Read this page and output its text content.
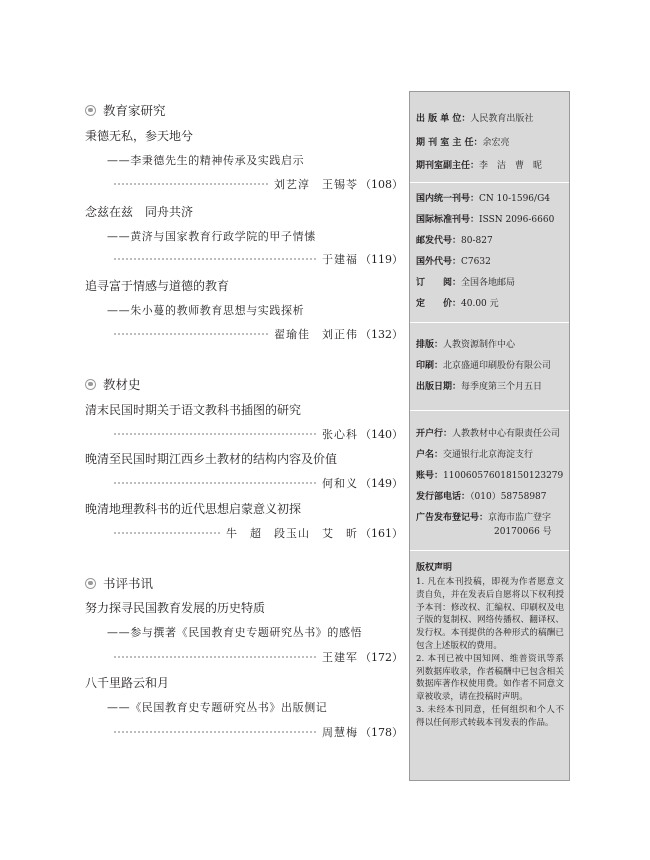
教育家研究
秉德无私，参天地兮
——李秉德先生的精神传承及实践启示
刘艺淳　王锡苓 （108）
念兹在兹　同舟共济
——黄济与国家教育行政学院的甲子情愫
于建福 （119）
追寻富于情感与道德的教育
——朱小蔓的教师教育思想与实践探析
翟瑜佳　刘正伟 （132）
教材史
清末民国时期关于语文教科书插图的研究
张心科 （140）
晚清至民国时期江西乡土教材的结构内容及价值
何和义 （149）
晚清地理教科书的近代思想启蒙意义初探
牛　超　段玉山　艾　昕 （161）
书评书讯
努力探寻民国教育发展的历史特质
——参与撰著《民国教育史专题研究丛书》的感悟
王建军 （172）
八千里路云和月
——《民国教育史专题研究丛书》出版侧记
周慧梅 （178）
出 版 单 位：人民教育出版社
期 刊 室 主 任：余宏亮
期刊室副主任：李　洁　曹　昵
国内统一刊号：CN 10-1596/G4
国际标准刊号：ISSN 2096-6660
邮发代号：80-827
国外代号：C7632
订　　阅：全国各地邮局
定　　价：40.00 元
排版：人教资源制作中心
印刷：北京盛通印刷股份有限公司
出版日期：每季度第三个月五日
开户行：人教教材中心有限责任公司
户名：交通银行北京海淀支行
账号：110060576018150123279
发行部电话：（010）58758987
广告发布登记号：京海市监广登字
20170066 号
版权声明

1. 凡在本刊投稿，即视为作者愿意文责自负，并在发表后自愿将以下权利授予本刊：修改权、汇编权、印刷权及电子版的复制权、网络传播权、翻译权、发行权。本刊提供的各种形式的稿酬已包含上述版权的费用。

2. 本刊已被中国知网、维普资讯等系列数据库收录，作者稿酬中已包含相关数据库著作权使用费。如作者不同意文章被收录，请在投稿时声明。

3. 未经本刊同意，任何组织和个人不得以任何形式转载本刊发表的作品。
